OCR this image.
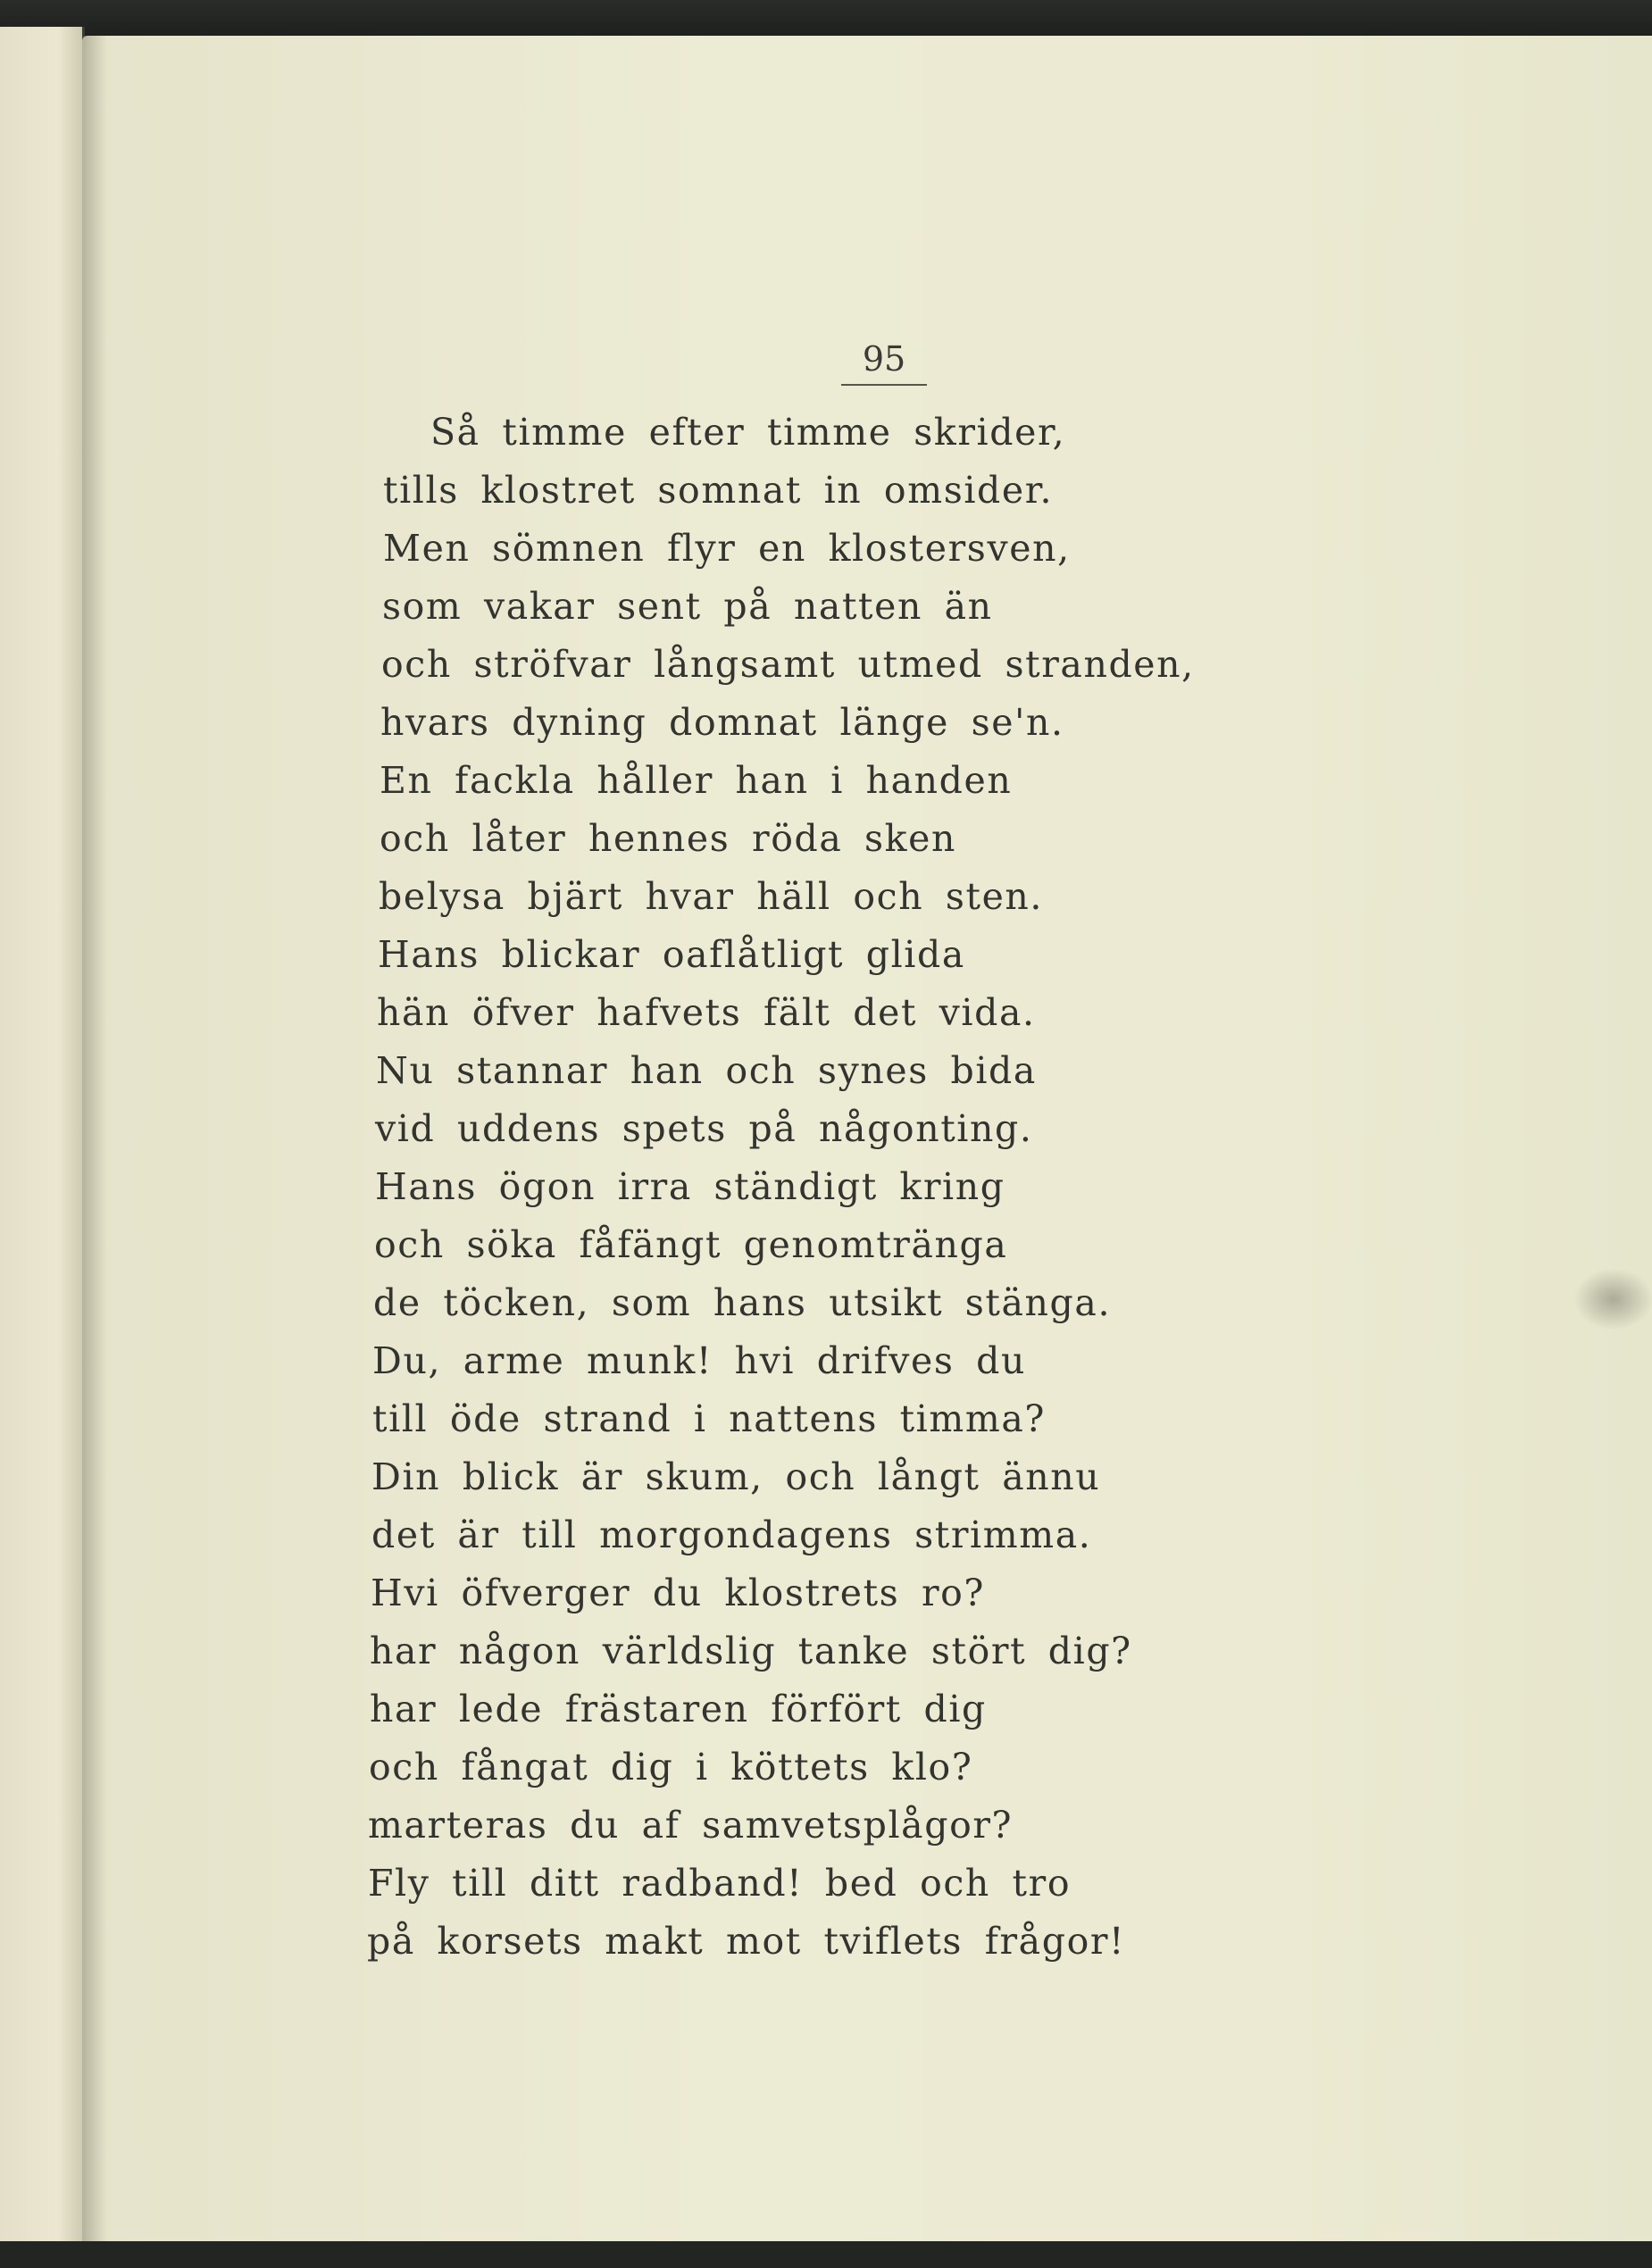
95
Så timme efter timme skrider,
tills klostret somnat in omsider.
Men sömnen flyr en klostersven,
som vakar sent på natten än
och ströfvar långsamt utmed stranden,
hvars dyning domnat länge se'n.
En fackla håller han i handen
och låter hennes röda sken
belysa bjärt hvar häll och sten.
Hans blickar oaflåtligt glida
hän öfver hafvets fält det vida.
Nu stannar han och synes bida
vid uddens spets på någonting.
Hans ögon irra ständigt kring
och söka fåfängt genomtränga
de töcken, som hans utsikt stänga.
Du, arme munk! hvi drifves du
till öde strand i nattens timma?
Din blick är skum, och långt ännu
det är till morgondagens strimma.
Hvi öfverger du klostrets ro?
har någon världslig tanke stört dig?
har lede frästaren förfört dig
och fångat dig i köttets klo?
marteras du af samvetsplågor?
Fly till ditt radband! bed och tro
på korsets makt mot tviflets frågor!
